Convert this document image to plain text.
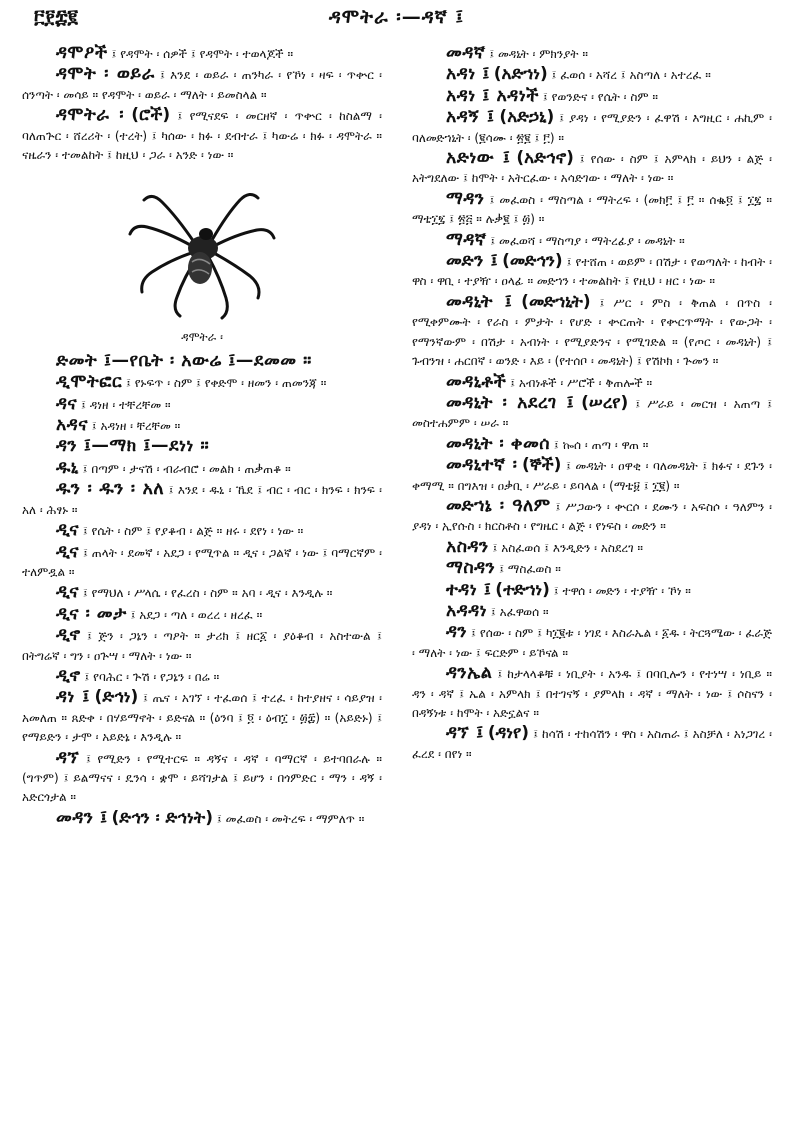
፫፻፰፪	ዳሞትራ ፡—ዳኛ ፤
ዳሞዖች ፤ የዳሞት ፡ ሰዎች ፤ የዳሞት ፡ ተወላጆች ።
ዳሞት ፡ ወይራ ፤ እንደ ፡ ወይራ ፡ ጠንካራ ፡ የኾነ ፡ ዛፍ ፡ ጥቍር ፡ ሰንጣት ፡ መሳይ ። የዳሞት ፡ ወይራ ፡ ማለት ፡ ይመስላል ።
ዳሞትራ ፡ (ሮች) ፤ የሚናደፍ ፡ መርዘኛ ፡ ጥቍር ፡ ከስልማ ፡ ባለጠጕር ፡ ሸረሪት ፡ (ተረት) ፤ ካሰው ፡ ክፉ ፡ ደብተራ ፤ ካውሬ ፡ ክፉ ፡ ዳሞትራ ። ናዜራን ፡ ተመልከት ፤ ከዚህ ፡ ጋራ ፡ አንድ ፡ ነው ።
ዳሞትራ ፡
ድመት ፤—የቤት ፡ አውሬ ፤—ደመመ ።
ዲሞትፎር ፤ የኑፍጥ ፡ ስም ፤ የቀድሞ ፡ ዘመን ፡ ጠመንጃ ።
ዳና ፤ ዳነዘ ፡ ተቸረቸመ ።
አዳና ፤ አዳነዘ ፡ ቸረቸመ ።
ዳን ፤—ማክ ፤—ደነነ ።
ዱኒ ፤ በጣም ፡ ታናሽ ፡ ብራብሮ ፡ መልክ ፡ ጠቃጠቆ ።
ዱን ፡ ዱን ፡ አለ ፤ እንደ ፡ ዱኒ ፡ ኼደ ፤ ብር ፡ ብር ፡ ክንፍ ፡ ክንፍ ፡ አለ ፡ ሕፃኑ ።
ዲና ፤ የሴት ፡ ስም ፤ የያቆብ ፡ ልጅ ። ዘሩ ፡ ደየነ ፡ ነው ።
ዲና ፤ ጠላት ፡ ደመኛ ፡ አደጋ ፡ የሚጥል ። ዲና ፡ ጋልኛ ፡ ነው ፤ ባማርኛም ፡ ተለምዷል ።
ዲና ፤ የማህለ ፡ ሥላሴ ፡ የፈረስ ፡ ስም ። አባ ፡ ዲና ፡ እንዲሉ ።
ዲና ፡ መታ ፤ አደጋ ፡ ጣለ ፡ ወረረ ፡ ዘረፈ ።
ዲኖ ፤ ጅን ፡ ጋኔን ፡ ጣዖት ። ታሪክ ፤ ዘር፩ ፡ ያዕቆብ ፡ አስተውል ፤ በትግሬኛ ፡ ግን ፡ ዐጕሣ ፡ ማለት ፡ ነው ።
ዲኖ ፤ የባሕር ፡ ጕሽ ፡ የጋኔን ፡ በሬ ።
ዳነ ፤ (ድኅነ) ፤ ጤና ፡ አገኘ ፡ ተፈወሰ ፤ ተረፈ ፡ ከተያዘና ፡ ሳይያዝ ፡ አመለጠ ። ጸድቀ ፡ በሃይማኖት ፡ ይድናል ። (ዕንባ ፤ ፬ ፡ ዕብ፲ ፡ ፴፰) ። (አይድኑ) ፤ የማይድን ፡ ታሞ ፡ አይድኔ ፡ እንዲሉ ።
ዳኘ ፤ የሚድን ፡ የሚተርፍ ። ዳኝና ፡ ዳኛ ፡ ባማርኛ ፡ ይተባበራሉ ። (ግጥም) ፤ ይልማናና ፡ ዴንሳ ፡ ቋሞ ፡ ይሻገታል ፤ ይሆን ፡ በጎምድር ፡ ማን ፡ ዳኝ ፡ አድርጎታል ።
መዳን ፤ (ድኅን ፡ ድኅነት) ፤ መፈወስ ፡ መትረፍ ፡ ማምለጥ ።
መዳኛ ፤ መዳኒት ፡ ምክንያት ።
አዳነ ፤ (አድኀነ) ፤ ፈወሰ ፡ አሻረ ፤ አስጣለ ፡ አተረፈ ።
አዳነ ፤ አዳነች ፤ የወንድና ፡ የሴት ፡ ስም ።
አዳኝ ፤ (አድኃኒ) ፤ ያዳነ ፡ የሚያድን ፡ ፈዋሽ ፡ እግዚር ፡ ሐኪም ፡ ባለመድኀኒት ፡ (፪ሳሙ ፡ ፳፪ ፤ ፫) ።
አድነው ፤ (አድኅኖ) ፤ የሰው ፡ ስም ፤ አምላክ ፡ ይህን ፡ ልጅ ፡ አትግደለው ፤ ከሞት ፡ አትርፈው ፡ አሳድገው ፡ ማለት ፡ ነው ።
ማዳን ፤ መፈወስ ፡ ማስጣል ፡ ማትረፍ ፡ (መክ፫ ፤ ፫ ። ሰቈ፬ ፤ ፲፯ ። ማቴ፲፯ ፤ ፳፭ ። ሉቃ፪ ፤ ፴) ።
ማዳኛ ፤ መፈወሻ ፡ ማስጣያ ፡ ማትረፊያ ፡ መዳኒት ።
መድን ፤ (መድኅን) ፤ የተሸጠ ፡ ወይም ፡ በሽታ ፡ የወጣለት ፡ ከብት ፡ ዋስ ፡ ዋቢ ፡ ተያዥ ፡ ዐላፊ ። መድኀን ፡ ተመልከት ፤ የዚህ ፡ ዘር ፡ ነው ።
መዳኒት ፤ (መድኀኒት) ፤ ሥር ፡ ምስ ፡ ቅጠል ፡ በጥስ ፡ የሚቀምሙት ፡ የራስ ፡ ምታት ፡ የሆድ ፡ ቍርጠት ፡ የቍርጥማት ፡ የውጋት ፡ የማንኛውም ፡ በሽታ ፡ አብነት ፡ የሚያድንና ፡ የሚገድል ። (የጦር ፡ መዳኒት) ፤ ጉብንዝ ፡ ሐርበኛ ፡ ወንድ ፡ እይ ፡ (የተሰቦ ፡ መዳኒት) ፤ የሽኮክ ፡ ጕመን ።
መዳኒቶች ፤ አብነቶች ፡ ሥሮች ፡ ቅጠሎች ።
መዳኒት ፡ አደረገ ፤ (ሠረየ) ፤ ሥራይ ፡ መርዝ ፡ አጠጣ ፤ መስተሐምም ፡ ሠራ ።
መዳኒት ፡ ቀመሰ ፤ ኰሰ ፡ ጠጣ ፡ ዋጠ ።
መዳኒተኛ ፡ (ኞች) ፤ መዳኒት ፡ ዐዋቂ ፡ ባለመዳኒት ፤ ክፉና ፡ ደጉን ፡ ቀማሚ ። በግእዝ ፡ ዐቃቢ ፡ ሥራይ ፡ ይባላል ፡ (ማቴ፱ ፤ ፲፪) ።
መድኀኔ ፡ ዓለም ፤ ሥጋውን ፡ ቍርሶ ፡ ደሙን ፡ አፍስሶ ፡ ዓለምን ፡ ያዳነ ፡ ኢየሱስ ፡ ክርስቶስ ፡ የግዜር ፡ ልጅ ፡ የነፍስ ፡ መድን ።
አስዳን ፤ አስፈወሰ ፤ እንዲድን ፡ አስደረገ ።
ማስዳን ፤ ማስፈወስ ።
ተዳነ ፤ (ተድኀነ) ፤ ተዋሰ ፡ መድን ፡ ተያዥ ፡ ኾነ ።
አዳዳነ ፤ አፈዋወሰ ።
ዳን ፤ የሰው ፡ ስም ፤ ካ፲፪ቱ ፡ ነገደ ፡ እስራኤል ፡ ፩ዱ ፡ ትርጓሜው ፡ ፈራጅ ፡ ማለት ፡ ነው ፤ ፍርድም ፡ ይኾናል ።
ዳንኤል ፤ ከታላላቆቹ ፡ ነቢያት ፡ አንዱ ፤ በባቢሎን ፡ የተነሣ ፡ ነቢይ ። ዳን ፡ ዳኛ ፤ ኤል ፡ አምላክ ፤ በተገናኝ ፡ ያምላክ ፡ ዳኛ ፡ ማለት ፡ ነው ፤ ሶስናን ፡ በዳኝነቱ ፡ ከሞት ፡ አድኗልና ።
ዳኘ ፤ (ዳነየ) ፤ ከሳሽ ፡ ተከሳሽን ፡ ዋስ ፡ አስጠራ ፤ አስቻለ ፡ አነጋገረ ፡ ፈረደ ፡ በየነ ።
